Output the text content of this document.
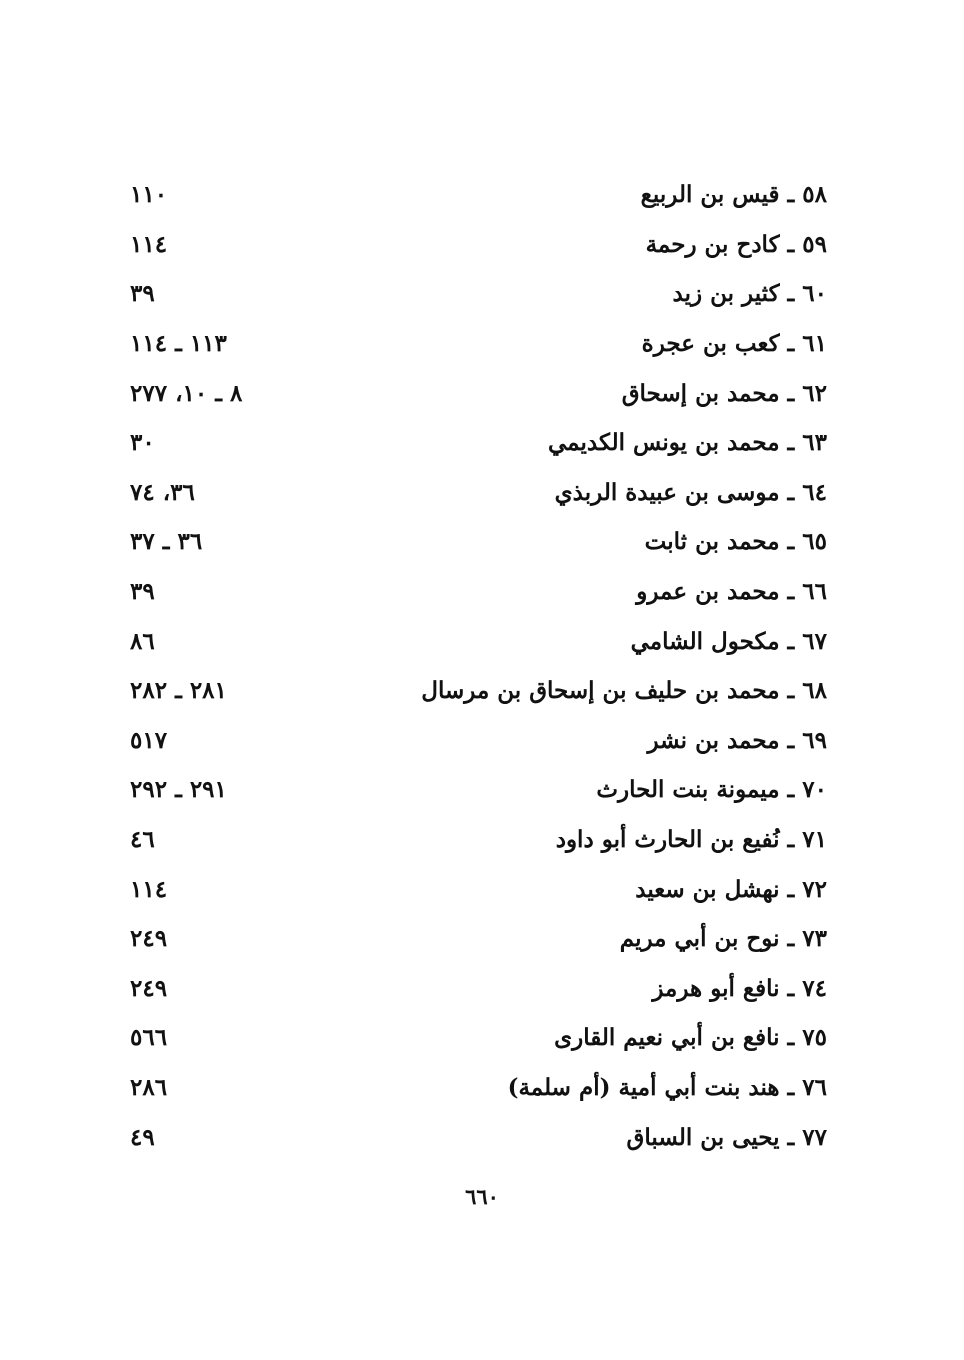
٥٨ ـ قيس بن الربيع
١١٠
٥٩ ـ كادح بن رحمة
١١٤
٦٠ ـ كثير بن زيد
٣٩
٦١ ـ كعب بن عجرة
١١٣ ـ ١١٤
٦٢ ـ محمد بن إسحاق
٨ ـ ١٠، ٢٧٧
٦٣ ـ محمد بن يونس الكديمي
٣٠
٦٤ ـ موسى بن عبيدة الربذي
٣٦، ٧٤
٦٥ ـ محمد بن ثابت
٣٦ ـ ٣٧
٦٦ ـ محمد بن عمرو
٣٩
٦٧ ـ مكحول الشامي
٨٦
٦٨ ـ محمد بن حليف بن إسحاق بن مرسال
٢٨١ ـ ٢٨٢
٦٩ ـ محمد بن نشر
٥١٧
٧٠ ـ ميمونة بنت الحارث
٢٩١ ـ ٢٩٢
٧١ ـ نُفيع بن الحارث أبو داود
٤٦
٧٢ ـ نهشل بن سعيد
١١٤
٧٣ ـ نوح بن أبي مريم
٢٤٩
٧٤ ـ نافع أبو هرمز
٢٤٩
٧٥ ـ نافع بن أبي نعيم القارى
٥٦٦
٧٦ ـ هند بنت أبي أمية (أم سلمة)
٢٨٦
٧٧ ـ يحيى بن السباق
٤٩
٦٦٠
